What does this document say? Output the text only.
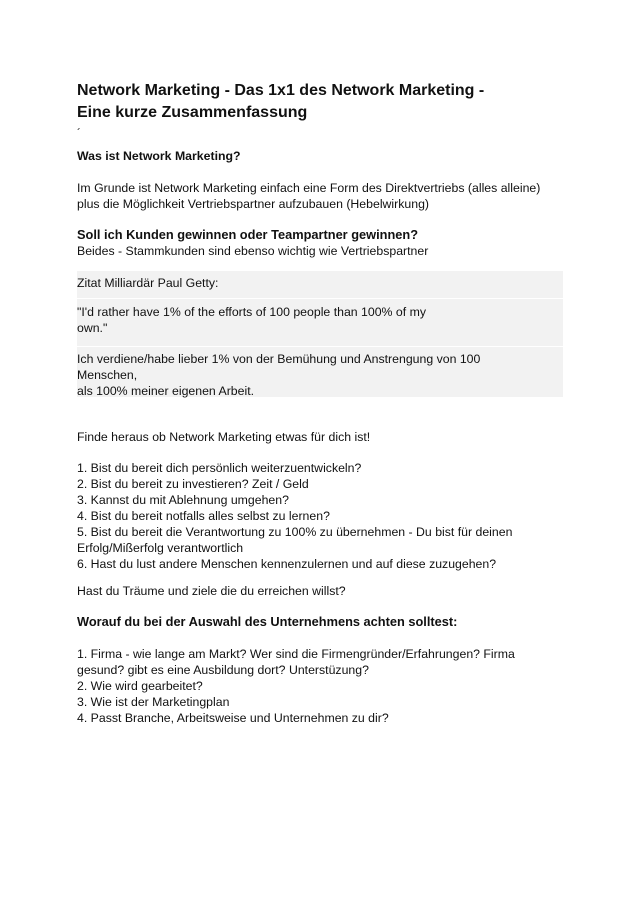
Network Marketing - Das 1x1 des Network Marketing -
Eine kurze Zusammenfassung
´
Was ist Network Marketing?
Im Grunde ist Network Marketing einfach eine Form des Direktvertriebs (alles alleine)
plus die Möglichkeit Vertriebspartner aufzubauen (Hebelwirkung)
Soll ich Kunden gewinnen oder Teampartner gewinnen?
Beides - Stammkunden sind ebenso wichtig wie Vertriebspartner
Zitat Milliardär Paul Getty:
"I'd rather have 1% of the efforts of 100 people than 100% of my
own."
Ich verdiene/habe lieber 1% von der Bemühung und Anstrengung von 100
Menschen,
als 100% meiner eigenen Arbeit.
Finde heraus ob Network Marketing etwas für dich ist!
1. Bist du bereit dich persönlich weiterzuentwickeln?
2. Bist du bereit zu investieren? Zeit / Geld
3. Kannst du mit Ablehnung umgehen?
4. Bist du bereit notfalls alles selbst zu lernen?
5. Bist du bereit die Verantwortung zu 100% zu übernehmen - Du bist für deinen
Erfolg/Mißerfolg verantwortlich
6. Hast du lust andere Menschen kennenzulernen und auf diese zuzugehen?
Hast du Träume und ziele die du erreichen willst?
Worauf du bei der Auswahl des Unternehmens achten solltest:
1. Firma - wie lange am Markt? Wer sind die Firmengründer/Erfahrungen? Firma
gesund? gibt es eine Ausbildung dort? Unterstüzung?
2. Wie wird gearbeitet?
3. Wie ist der Marketingplan
4. Passt Branche, Arbeitsweise und Unternehmen zu dir?
